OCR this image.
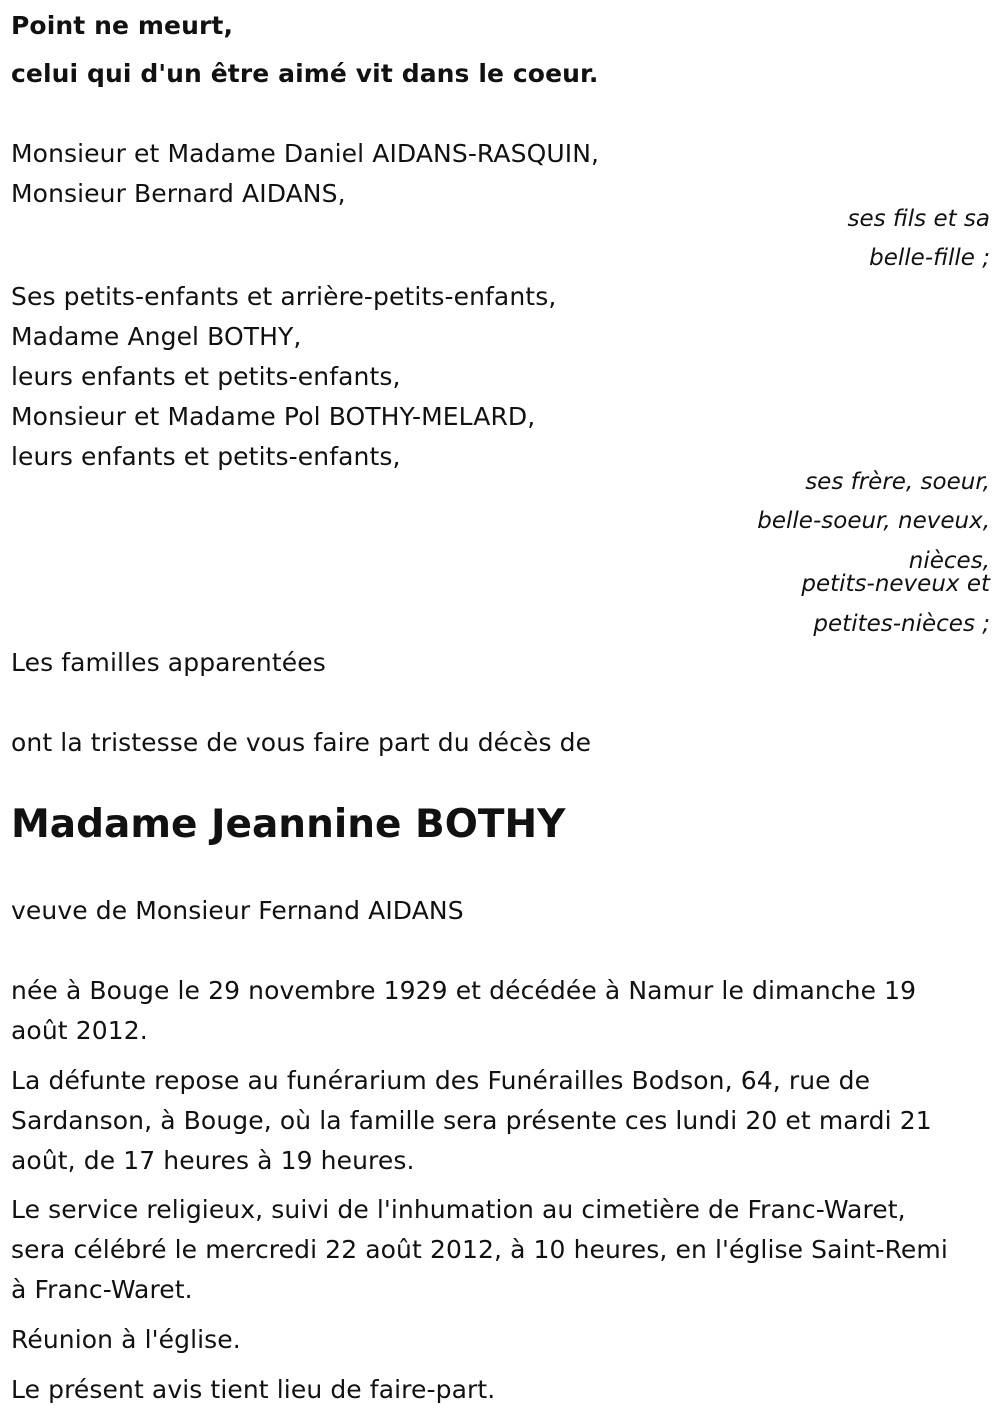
Point ne meurt,
celui qui d'un être aimé vit dans le coeur.
Monsieur et Madame Daniel AIDANS-RASQUIN,
Monsieur Bernard AIDANS,
ses fils et sa
belle-fille ;
Ses petits-enfants et arrière-petits-enfants,
Madame Angel BOTHY,
leurs enfants et petits-enfants,
Monsieur et Madame Pol BOTHY-MELARD,
leurs enfants et petits-enfants,
ses frère, soeur,
belle-soeur, neveux,
nièces,
petits-neveux et
petites-nièces ;
Les familles apparentées
ont la tristesse de vous faire part du décès de
Madame Jeannine BOTHY
veuve de Monsieur Fernand AIDANS
née à Bouge le 29 novembre 1929 et décédée à Namur le dimanche 19
août 2012.
La défunte repose au funérarium des Funérailles Bodson, 64, rue de
Sardanson, à Bouge, où la famille sera présente ces lundi 20 et mardi 21
août, de 17 heures à 19 heures.
Le service religieux, suivi de l'inhumation au cimetière de Franc-Waret,
sera célébré le mercredi 22 août 2012, à 10 heures, en l'église Saint-Remi
à Franc-Waret.
Réunion à l'église.
Le présent avis tient lieu de faire-part.
